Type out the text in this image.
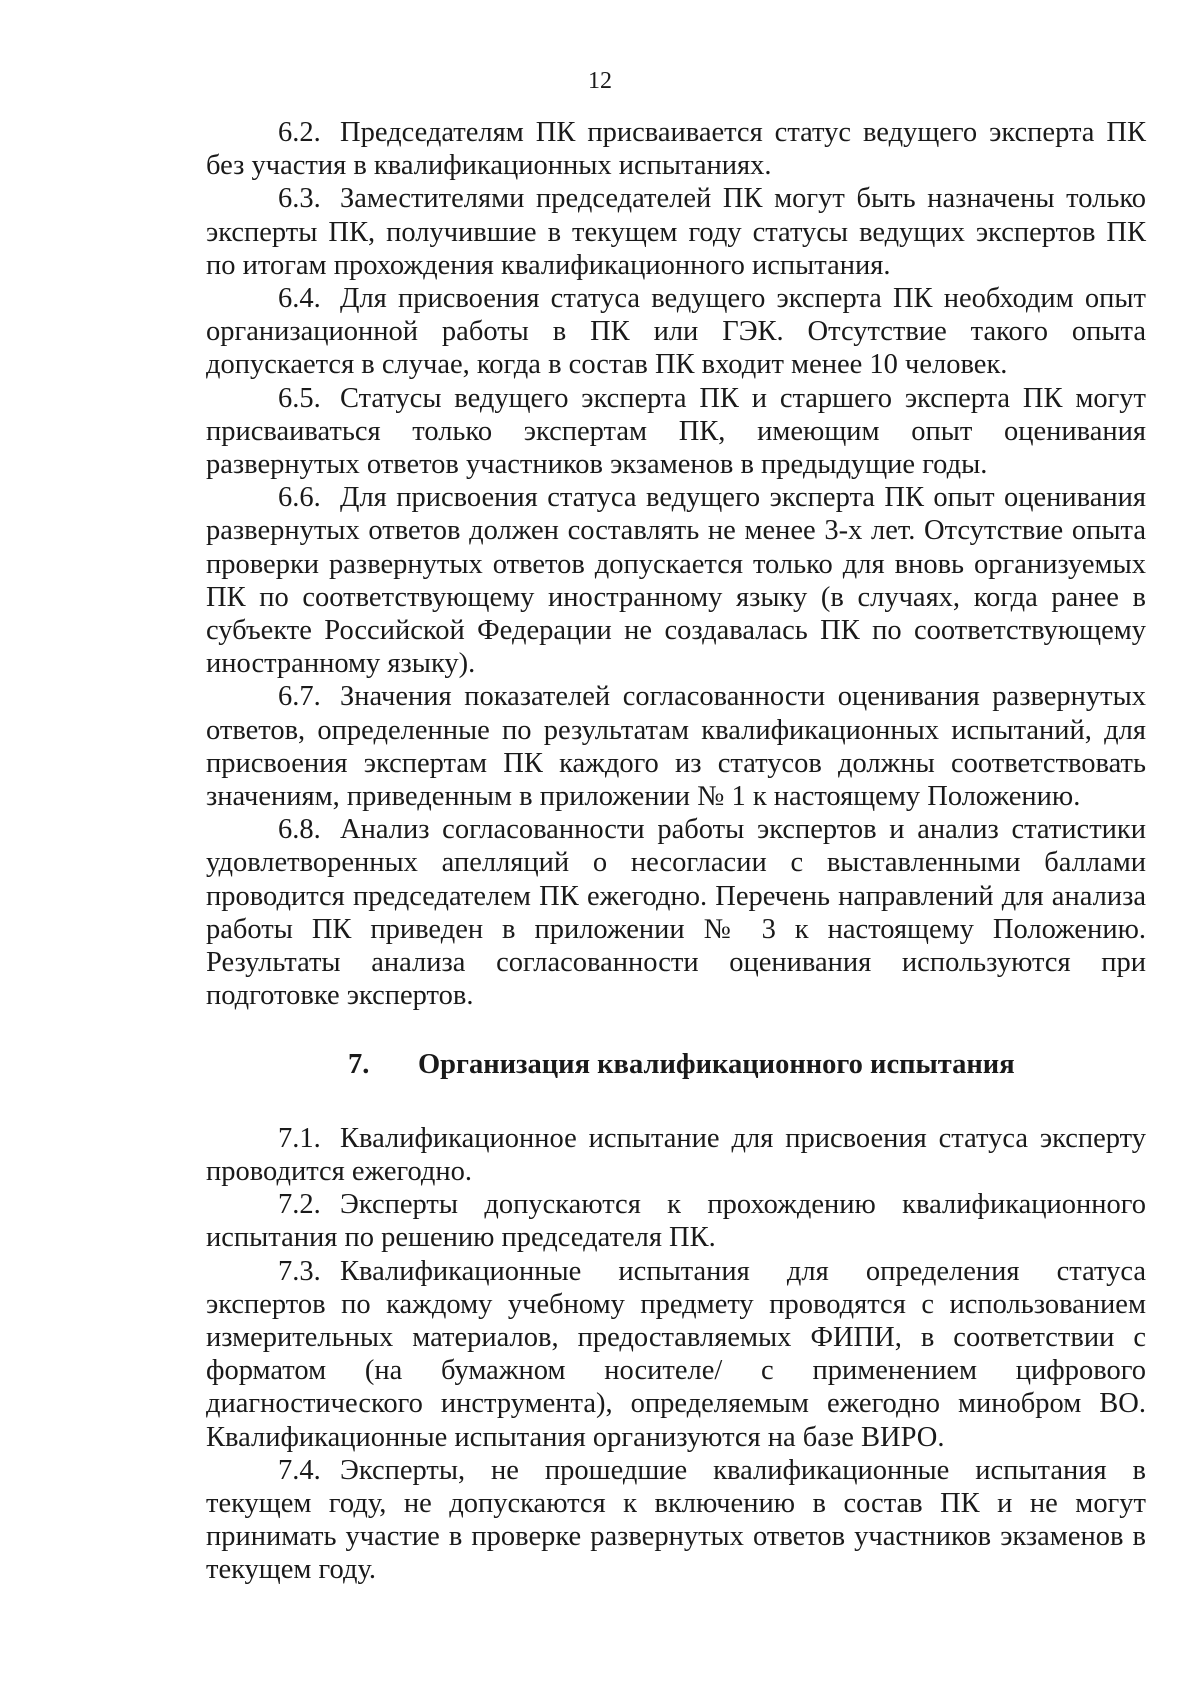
12

6.2. Председателям ПК присваивается статус ведущего эксперта ПК без участия в квалификационных испытаниях.

6.3. Заместителями председателей ПК могут быть назначены только эксперты ПК, получившие в текущем году статусы ведущих экспертов ПК по итогам прохождения квалификационного испытания.

6.4. Для присвоения статуса ведущего эксперта ПК необходим опыт организационной работы в ПК или ГЭК. Отсутствие такого опыта допускается в случае, когда в состав ПК входит менее 10 человек.

6.5. Статусы ведущего эксперта ПК и старшего эксперта ПК могут присваиваться только экспертам ПК, имеющим опыт оценивания развернутых ответов участников экзаменов в предыдущие годы.

6.6. Для присвоения статуса ведущего эксперта ПК опыт оценивания развернутых ответов должен составлять не менее 3-х лет. Отсутствие опыта проверки развернутых ответов допускается только для вновь организуемых ПК по соответствующему иностранному языку (в случаях, когда ранее в субъекте Российской Федерации не создавалась ПК по соответствующему иностранному языку).

6.7. Значения показателей согласованности оценивания развернутых ответов, определенные по результатам квалификационных испытаний, для присвоения экспертам ПК каждого из статусов должны соответствовать значениям, приведенным в приложении № 1 к настоящему Положению.

6.8. Анализ согласованности работы экспертов и анализ статистики удовлетворенных апелляций о несогласии с выставленными баллами проводится председателем ПК ежегодно. Перечень направлений для анализа работы ПК приведен в приложении № 3 к настоящему Положению. Результаты анализа согласованности оценивания используются при подготовке экспертов.

7. Организация квалификационного испытания

7.1. Квалификационное испытание для присвоения статуса эксперту проводится ежегодно.

7.2. Эксперты допускаются к прохождению квалификационного испытания по решению председателя ПК.

7.3. Квалификационные испытания для определения статуса экспертов по каждому учебному предмету проводятся с использованием измерительных материалов, предоставляемых ФИПИ, в соответствии с форматом (на бумажном носителе/ с применением цифрового диагностического инструмента), определяемым ежегодно минобром ВО. Квалификационные испытания организуются на базе ВИРО.

7.4. Эксперты, не прошедшие квалификационные испытания в текущем году, не допускаются к включению в состав ПК и не могут принимать участие в проверке развернутых ответов участников экзаменов в текущем году.
